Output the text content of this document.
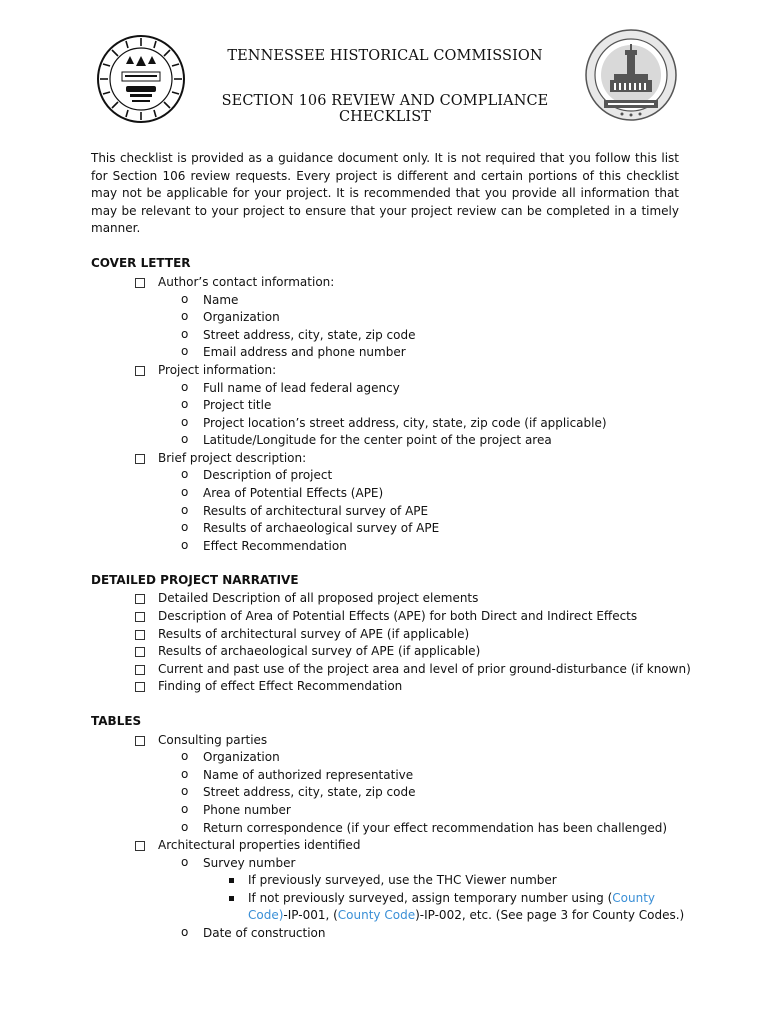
TENNESSEE HISTORICAL COMMISSION
SECTION 106 REVIEW AND COMPLIANCE CHECKLIST
This checklist is provided as a guidance document only. It is not required that you follow this list for Section 106 review requests. Every project is different and certain portions of this checklist may not be applicable for your project. It is recommended that you provide all information that may be relevant to your project to ensure that your project review can be completed in a timely manner.
COVER LETTER
Author’s contact information:
o Name
o Organization
o Street address, city, state, zip code
o Email address and phone number
Project information:
o Full name of lead federal agency
o Project title
o Project location’s street address, city, state, zip code (if applicable)
o Latitude/Longitude for the center point of the project area
Brief project description:
o Description of project
o Area of Potential Effects (APE)
o Results of architectural survey of APE
o Results of archaeological survey of APE
o Effect Recommendation
DETAILED PROJECT NARRATIVE
Detailed Description of all proposed project elements
Description of Area of Potential Effects (APE) for both Direct and Indirect Effects
Results of architectural survey of APE (if applicable)
Results of archaeological survey of APE (if applicable)
Current and past use of the project area and level of prior ground-disturbance (if known)
Finding of effect Effect Recommendation
TABLES
Consulting parties
o Organization
o Name of authorized representative
o Street address, city, state, zip code
o Phone number
o Return correspondence (if your effect recommendation has been challenged)
Architectural properties identified
o Survey number
If previously surveyed, use the THC Viewer number
If not previously surveyed, assign temporary number using (County
Code)-IP-001, (County Code)-IP-002, etc. (See page 3 for County Codes.)
o Date of construction
